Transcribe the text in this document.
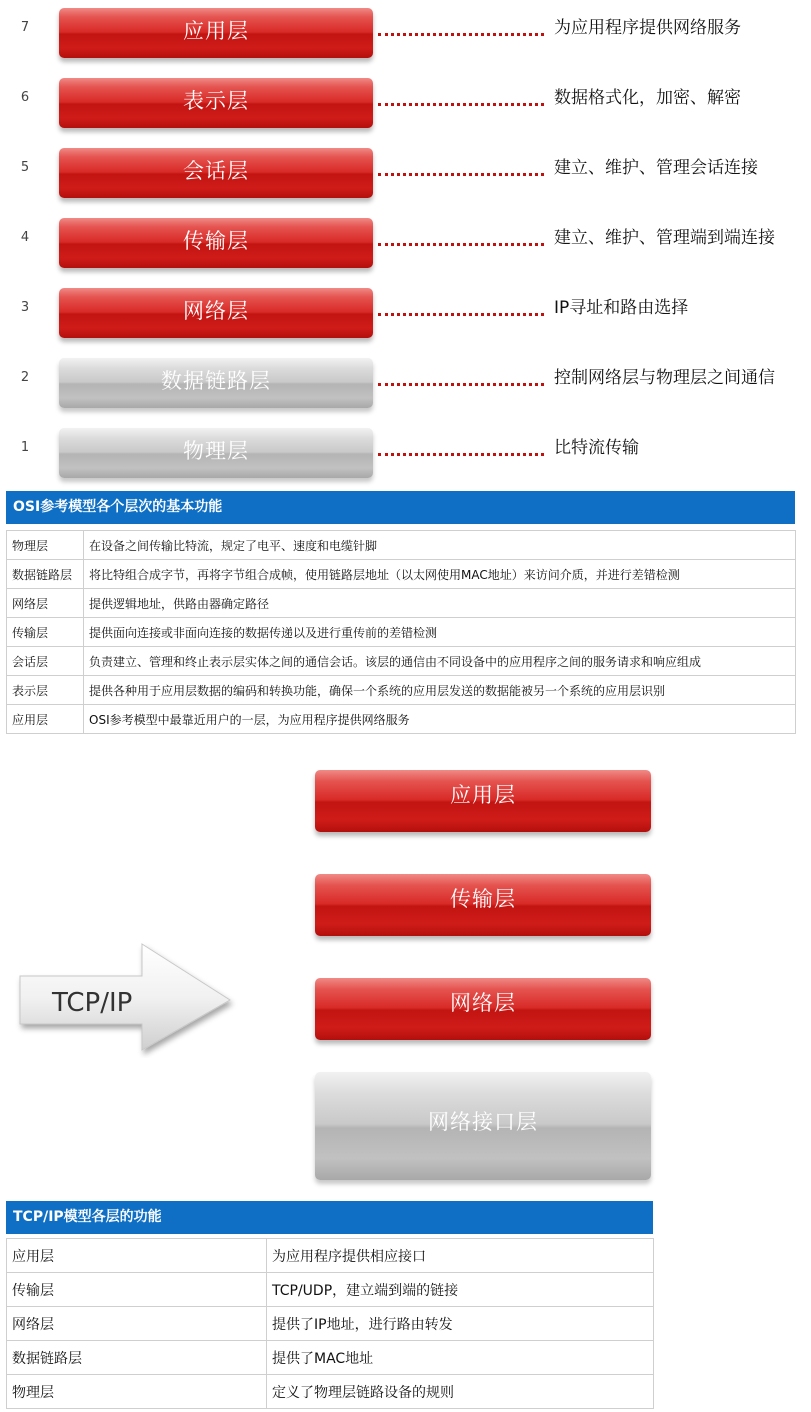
7	应用层	为应用程序提供网络服务
6	表示层	数据格式化，加密、解密
5	会话层	建立、维护、管理会话连接
4	传输层	建立、维护、管理端到端连接
3	网络层	IP寻址和路由选择
2	数据链路层	控制网络层与物理层之间通信
1	物理层	比特流传输
OSI参考模型各个层次的基本功能
物理层	在设备之间传输比特流，规定了电平、速度和电缆针脚
数据链路层	将比特组合成字节，再将字节组合成帧，使用链路层地址（以太网使用MAC地址）来访问介质，并进行差错检测
网络层	提供逻辑地址，供路由器确定路径
传输层	提供面向连接或非面向连接的数据传递以及进行重传前的差错检测
会话层	负责建立、管理和终止表示层实体之间的通信会话。该层的通信由不同设备中的应用程序之间的服务请求和响应组成
表示层	提供各种用于应用层数据的编码和转换功能，确保一个系统的应用层发送的数据能被另一个系统的应用层识别
应用层	OSI参考模型中最靠近用户的一层，为应用程序提供网络服务
TCP/IP
应用层
传输层
网络层
网络接口层
TCP/IP模型各层的功能
应用层	为应用程序提供相应接口
传输层	TCP/UDP，建立端到端的链接
网络层	提供了IP地址，进行路由转发
数据链路层	提供了MAC地址
物理层	定义了物理层链路设备的规则
